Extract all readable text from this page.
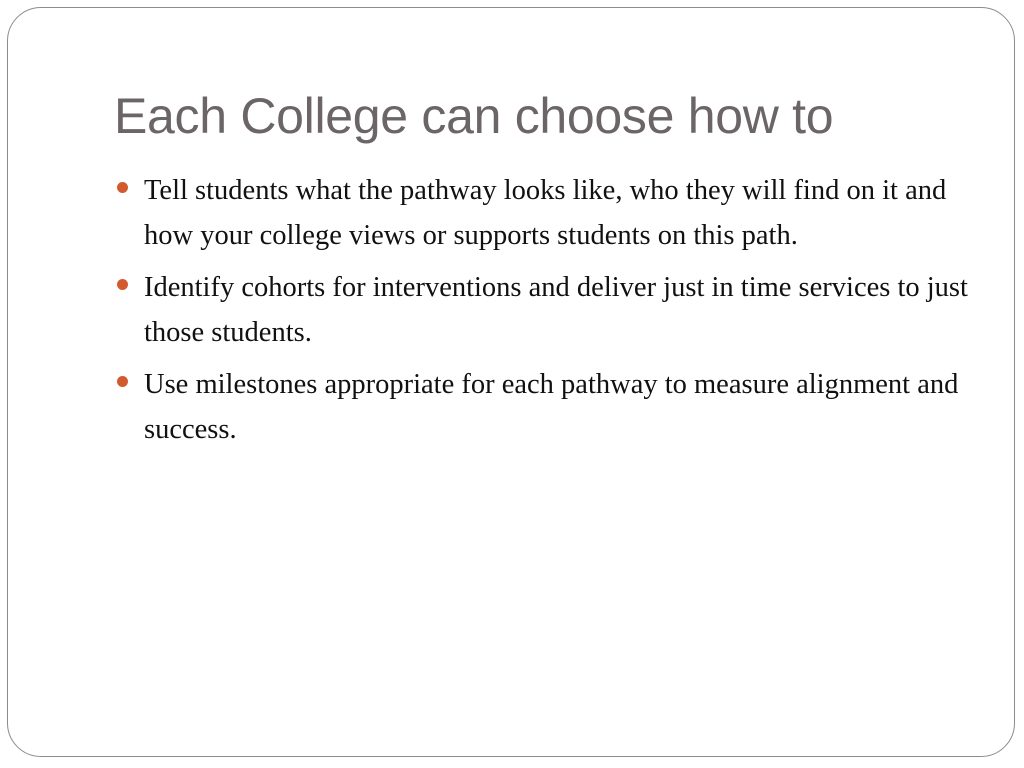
Each College can choose how to
Tell students what the pathway looks like, who they will find on it and how your college views or supports students on this path.
Identify cohorts for interventions and deliver just in time services to just those students.
Use milestones appropriate for each pathway to measure alignment and success.
